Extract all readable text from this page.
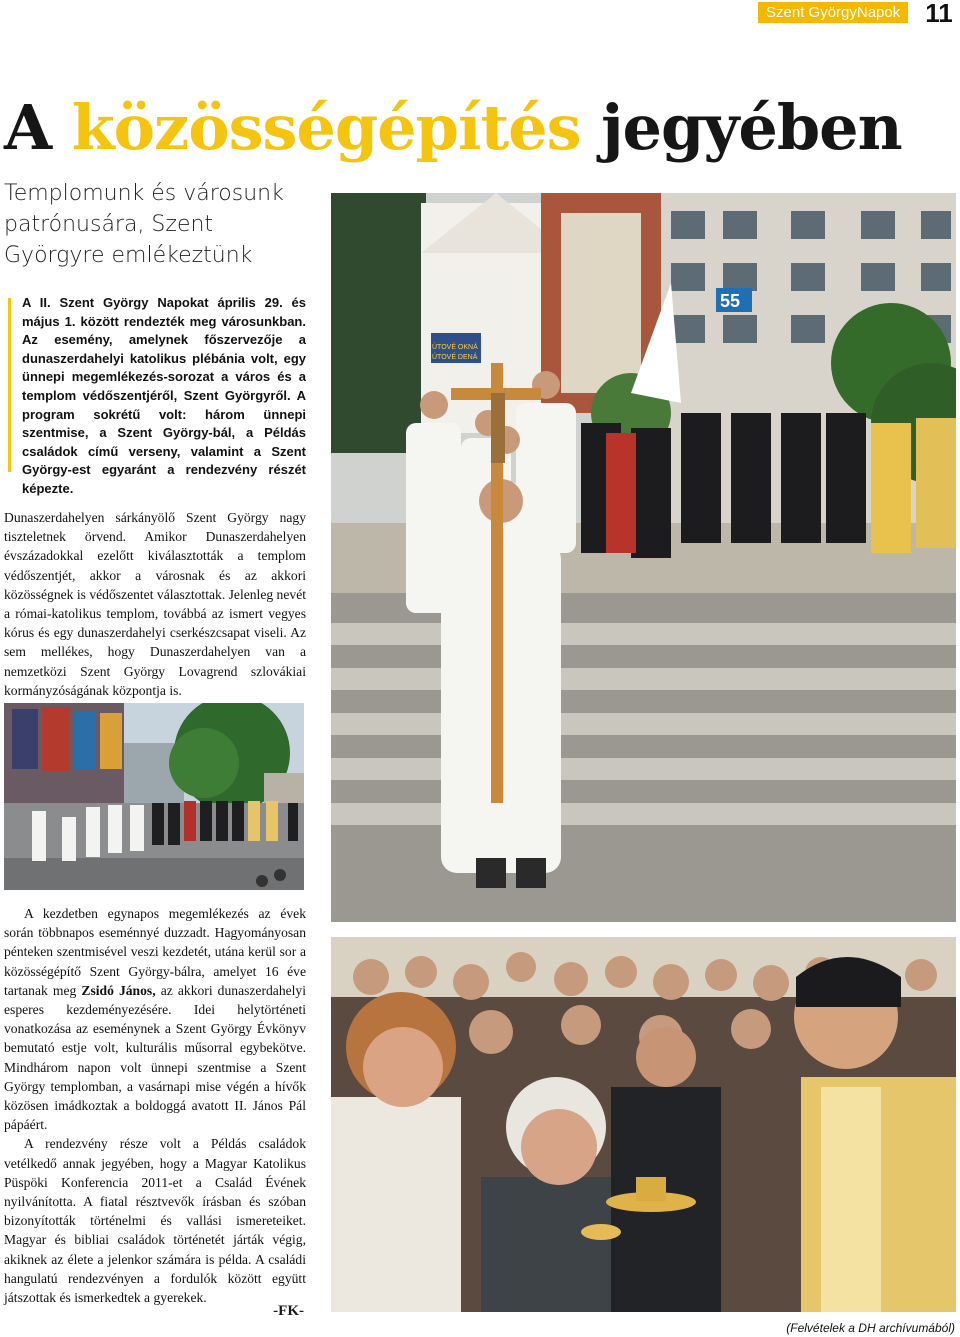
Szent GyörgyNapok 11
A közösségépítés jegyében
Templomunk és városunk patrónusára, Szent Györgyre emlékeztünk
A II. Szent György Napokat április 29. és május 1. között rendezték meg városunkban. Az esemény, amelynek főszervezője a dunaszerdahelyi katolikus plébánia volt, egy ünnepi megemlékezés-sorozat a város és a templom védőszentjéről, Szent Györgyről. A program sokrétű volt: három ünnepi szentmise, a Szent György-bál, a Példás családok című verseny, valamint a Szent György-est egyaránt a rendezvény részét képezte.

Dunaszerdahelyen sárkányölő Szent György nagy tiszteletnek örvend. Amikor Dunaszerdahelyen évszázadokkal ezelőtt kiválasztották a templom védőszentjét, akkor a városnak és az akkori közösségnek is védőszentet választottak. Jelenleg nevét a római-katolikus templom, továbbá az ismert vegyes kórus és egy dunaszerdahelyi cserkészcsapat viseli. Az sem mellékes, hogy Dunaszerdahelyen van a nemzetközi Szent György Lovagrend szlovákiai kormányzóságának központja is.

A kezdetben egynapos megemlékezés az évek során többnapos eseménnyé duzzadt. Hagyományosan pénteken szentmisével veszi kezdetét, utána kerül sor a közösségépítő Szent György-bálra, amelyet 16 éve tartanak meg Zsidó János, az akkori dunaszerdahelyi esperes kezdeményezésére. Idei helytörténeti vonatkozása az eseménynek a Szent György Évkönyv bemutató estje volt, kulturális műsorral egybekötve. Mindhárom napon volt ünnepi szentmise a Szent György templomban, a vasárnapi mise végén a hívők közösen imádkoztak a boldoggá avatott II. János Pál pápáért.

A rendezvény része volt a Példás családok vetélkedő annak jegyében, hogy a Magyar Katolikus Püspöki Konferencia 2011-et a Család Évének nyilvánította. A fiatal résztvevők írásban és szóban bizonyították történelmi és vallási ismereteiket. Magyar és bibliai családok történetét járták végig, akiknek az élete a jelenkor számára is példa. A családi hangulatú rendezvényen a fordulók között együtt játszottak és ismerkedtek a gyerekek.

-FK-
55
ÚTOVÉ OKNÁ
ÚTOVÉ DENÁ
(Felvételek a DH archívumából)
